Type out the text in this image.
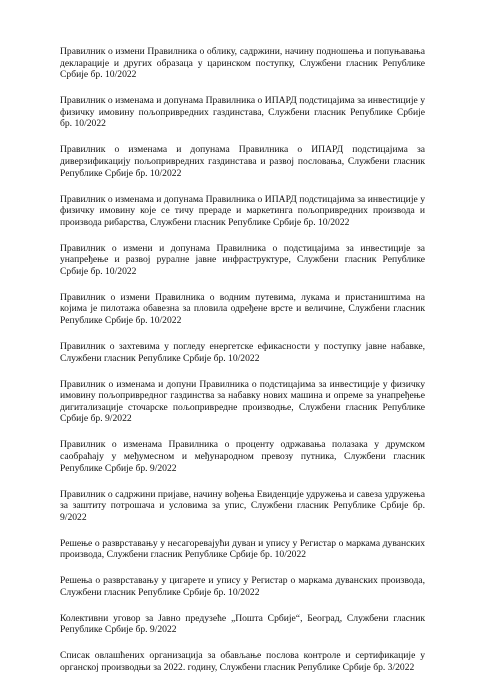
Правилник о измени Правилника о облику, садржини, начину подношења и попуњавања декларације и других образаца у царинском поступку, Службени гласник Републике Србије бр. 10/2022

Правилник о изменама и допунама Правилника о ИПАРД подстицајима за инвестиције у физичку имовину пољопривредних газдинстава, Службени гласник Републике Србије бр. 10/2022

Правилник о изменама и допунама Правилника о ИПАРД подстицајима за диверзификацију пољопривредних газдинстава и развој пословања, Службени гласник Републике Србије бр. 10/2022

Правилник о изменама и допунама Правилника о ИПАРД подстицајима за инвестиције у физичку имовину које се тичу прераде и маркетинга пољопривредних производа и производа рибарства, Службени гласник Републике Србије бр. 10/2022

Правилник о измени и допунама Правилника о подстицајима за инвестиције за унапређење и развој руралне јавне инфраструктуре, Службени гласник Републике Србије бр. 10/2022

Правилник о измени Правилника о водним путевима, лукама и пристаништима на којима је пилотажа обавезна за пловила одређене врсте и величине, Службени гласник Републике Србије бр. 10/2022

Правилник о захтевима у погледу енергетске ефикасности у поступку јавне набавке, Службени гласник Републике Србије бр. 10/2022

Правилник о изменама и допуни Правилника о подстицајима за инвестиције у физичку имовину пољопривредног газдинства за набавку нових машина и опреме за унапређење дигитализације сточарске пољопривредне производње, Службени гласник Републике Србије бр. 9/2022

Правилник о изменама Правилника о проценту одржавања полазака у друмском саобраћају у међумесном и међународном превозу путника, Службени гласник Републике Србије бр. 9/2022

Правилник о садржини пријаве, начину вођења Евиденције удружења и савеза удружења за заштиту потрошача и условима за упис, Службени гласник Републике Србије бр. 9/2022

Решење о разврставању у несагоревајући дуван и упису у Регистар о маркама дуванских производа, Службени гласник Републике Србије бр. 10/2022

Решења о разврставању у цигарете и упису у Регистар о маркама дуванских производа, Службени гласник Републике Србије бр. 10/2022

Колективни уговор за Јавно предузеће „Пошта Србије“, Београд, Службени гласник Републике Србије бр. 9/2022

Списак овлашћених организација за обављање послова контроле и сертификације у органској производњи за 2022. годину, Службени гласник Републике Србије бр. 3/2022
